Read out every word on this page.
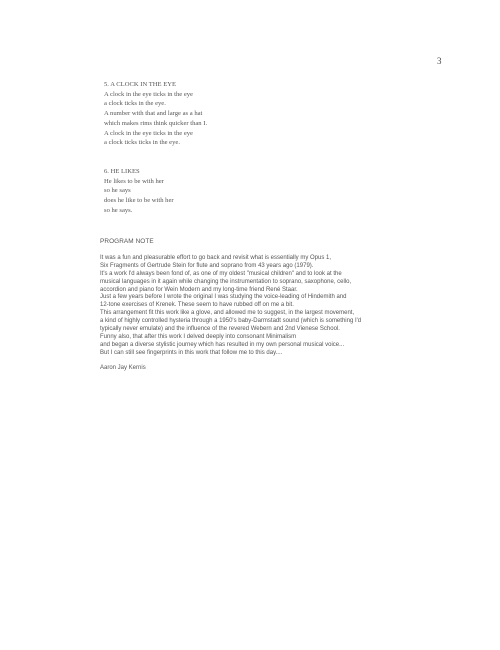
3
5. A CLOCK IN THE EYE
A clock in the eye ticks in the eye
a clock ticks in the eye.
A number with that and large as a hat
which makes rims think quicker than I.
A clock in the eye ticks in the eye
a clock ticks ticks in the eye.
6. HE LIKES
He likes to be with her
so he says
does he like to be with her
so he says.
PROGRAM NOTE
It was a fun and pleasurable effort to go back and revisit what is essentially my Opus 1,
Six Fragments of Gertrude Stein for flute and soprano from 43 years ago (1979).
It's a work I'd always been fond of, as one of my oldest "musical children" and to look at the
musical languages in it again while changing the instrumentation to soprano, saxophone, cello,
accordion and piano for Wein Modern and my long-time friend René Staar.
Just a few years before I wrote the original I was studying the voice-leading of Hindemith and
12-tone exercises of Krenek. These seem to have rubbed off on me a bit.
This arrangement fit this work like a glove, and allowed me to suggest, in the largest movement,
a kind of highly controlled hysteria through a 1950's baby-Darmstadt sound (which is something I'd
typically never emulate) and the influence of the revered Webern and 2nd Vienese School.
Funny also, that after this work I delved deeply into consonant Minimalism
and began a diverse stylistic journey which has resulted in my own personal musical voice...
But I can still see fingerprints in this work that follow me to this day....
Aaron Jay Kernis
